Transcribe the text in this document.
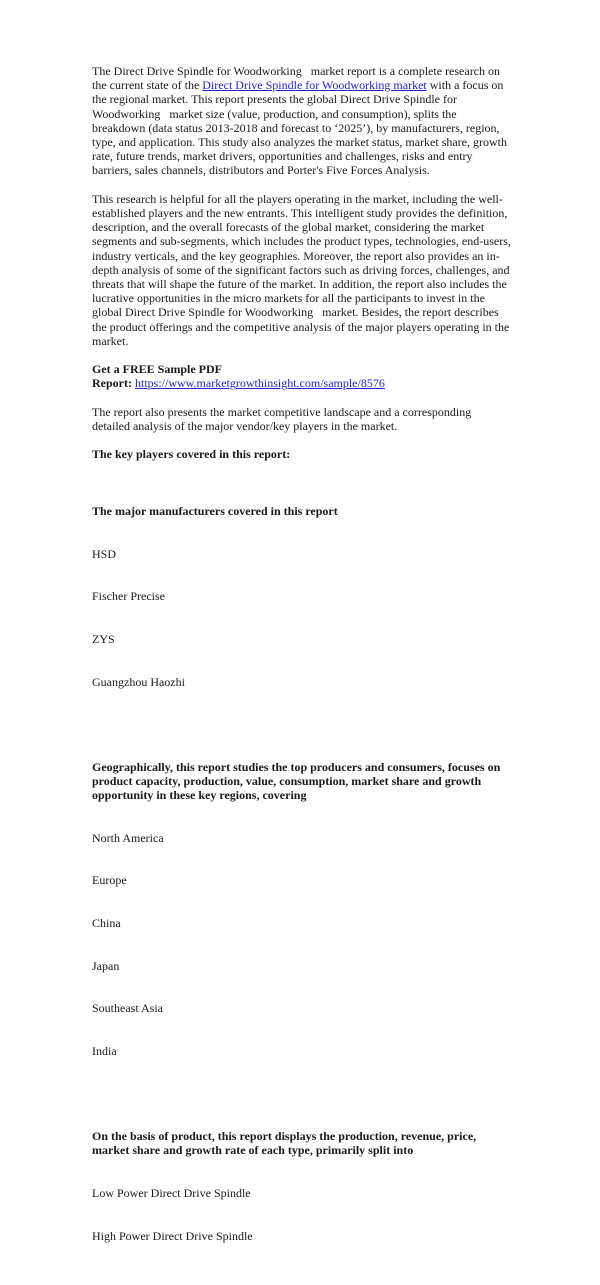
The Direct Drive Spindle for Woodworking   market report is a complete research on the current state of the Direct Drive Spindle for Woodworking market with a focus on the regional market. This report presents the global Direct Drive Spindle for Woodworking   market size (value, production, and consumption), splits the breakdown (data status 2013-2018 and forecast to ‘2025’), by manufacturers, region, type, and application. This study also analyzes the market status, market share, growth rate, future trends, market drivers, opportunities and challenges, risks and entry barriers, sales channels, distributors and Porter's Five Forces Analysis.

This research is helpful for all the players operating in the market, including the well-established players and the new entrants. This intelligent study provides the definition, description, and the overall forecasts of the global market, considering the market segments and sub-segments, which includes the product types, technologies, end-users, industry verticals, and the key geographies. Moreover, the report also provides an in-depth analysis of some of the significant factors such as driving forces, challenges, and threats that will shape the future of the market. In addition, the report also includes the lucrative opportunities in the micro markets for all the participants to invest in the global Direct Drive Spindle for Woodworking   market. Besides, the report describes the product offerings and the competitive analysis of the major players operating in the market.

Get a FREE Sample PDF
Report: https://www.marketgrowthinsight.com/sample/8576

The report also presents the market competitive landscape and a corresponding detailed analysis of the major vendor/key players in the market.

The key players covered in this report:

The major manufacturers covered in this report

HSD

Fischer Precise

ZYS

Guangzhou Haozhi

Geographically, this report studies the top producers and consumers, focuses on product capacity, production, value, consumption, market share and growth opportunity in these key regions, covering

North America

Europe

China

Japan

Southeast Asia

India

On the basis of product, this report displays the production, revenue, price, market share and growth rate of each type, primarily split into

Low Power Direct Drive Spindle

High Power Direct Drive Spindle
